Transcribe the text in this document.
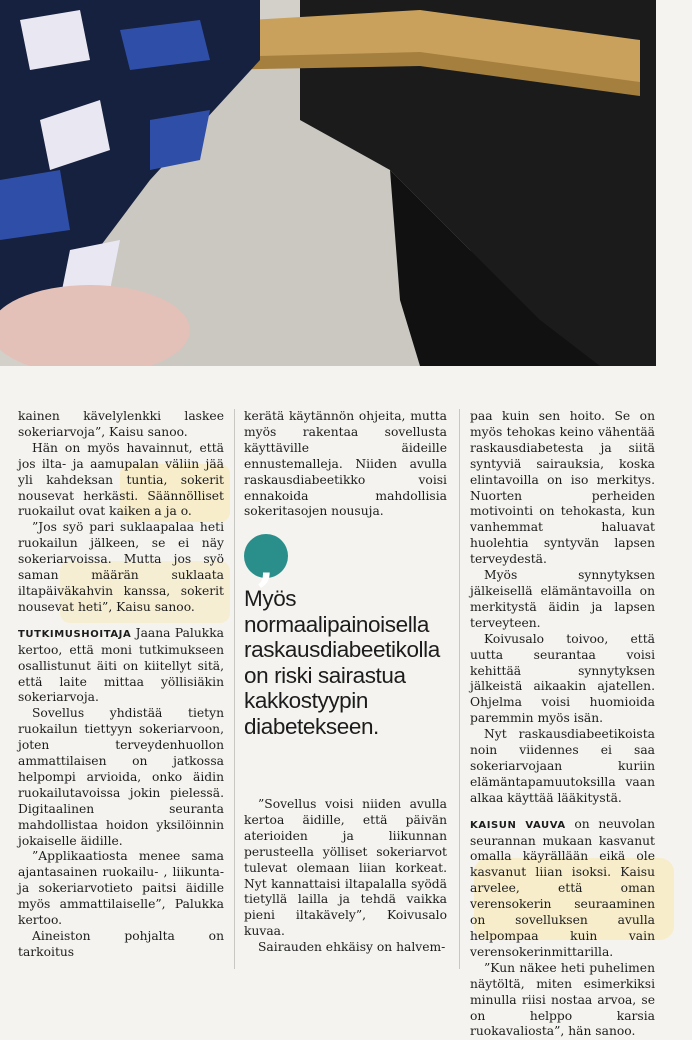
kainen kävelylenkki laskee sokeriarvoja”, Kaisu sanoo.

Hän on myös havainnut, että jos ilta- ja aamupalan väliin jää yli kahdeksan tuntia, sokerit nousevat herkästi. Säännölliset ruokailut ovat kaiken a ja o.

”Jos syö pari suklaapalaa heti ruokailun jälkeen, se ei näy sokeriarvoissa. Mutta jos syö saman määrän suklaata iltapäiväkahvin kanssa, sokerit nousevat heti”, Kaisu sanoo.

TUTKIMUSHOITAJA Jaana Palukka kertoo, että moni tutkimukseen osallistunut äiti on kiitellyt sitä, että laite mittaa yöllisiäkin sokeriarvoja.

Sovellus yhdistää tietyn ruokailun tiettyyn sokeriarvoon, joten terveydenhuollon ammattilaisen on jatkossa helpompi arvioida, onko äidin ruokailutavoissa jokin pielessä. Digitaalinen seuranta mahdollistaa hoidon yksilöinnin jokaiselle äidille.

”Applikaatiosta menee sama ajantasainen ruokailu- , liikunta- ja sokeriarvotieto paitsi äidille myös ammattilaiselle”, Palukka kertoo.

Aineiston pohjalta on tarkoitus

kerätä käytännön ohjeita, mutta myös rakentaa sovellusta käyttäville äideille ennustemalleja. Niiden avulla raskausdiabeetikko voisi ennakoida mahdollisia sokeritasojen nousuja.

,
Myös normaalipainoisella raskausdiabeetikolla on riski sairastua kakkostyypin diabetekseen.

”Sovellus voisi niiden avulla kertoa äidille, että päivän aterioiden ja liikunnan perusteella yölliset sokeriarvot tulevat olemaan liian korkeat. Nyt kannattaisi iltapalalla syödä tietyllä lailla ja tehdä vaikka pieni iltakävely”, Koivusalo kuvaa.

Sairauden ehkäisy on halvem-

paa kuin sen hoito. Se on myös tehokas keino vähentää raskausdiabetesta ja siitä syntyviä sairauksia, koska elintavoilla on iso merkitys. Nuorten perheiden motivointi on tehokasta, kun vanhemmat haluavat huolehtia syntyvän lapsen terveydestä.

Myös synnytyksen jälkeisellä elämäntavoilla on merkitystä äidin ja lapsen terveyteen.

Koivusalo toivoo, että uutta seurantaa voisi kehittää synnytyksen jälkeistä aikaakin ajatellen. Ohjelma voisi huomioida paremmin myös isän.

Nyt raskausdiabeetikoista noin viidennes ei saa sokeriarvojaan kuriin elämäntapamuutoksilla vaan alkaa käyttää lääkitystä.

KAISUN VAUVA on neuvolan seurannan mukaan kasvanut omalla käyrällään eikä ole kasvanut liian isoksi. Kaisu arvelee, että oman verensokerin seuraaminen on sovelluksen avulla helpompaa kuin vain verensokerinmittarilla.

”Kun näkee heti puhelimen näytöltä, miten esimerkiksi minulla riisi nostaa arvoa, se on helppo karsia ruokavaliosta”, hän sanoo.
